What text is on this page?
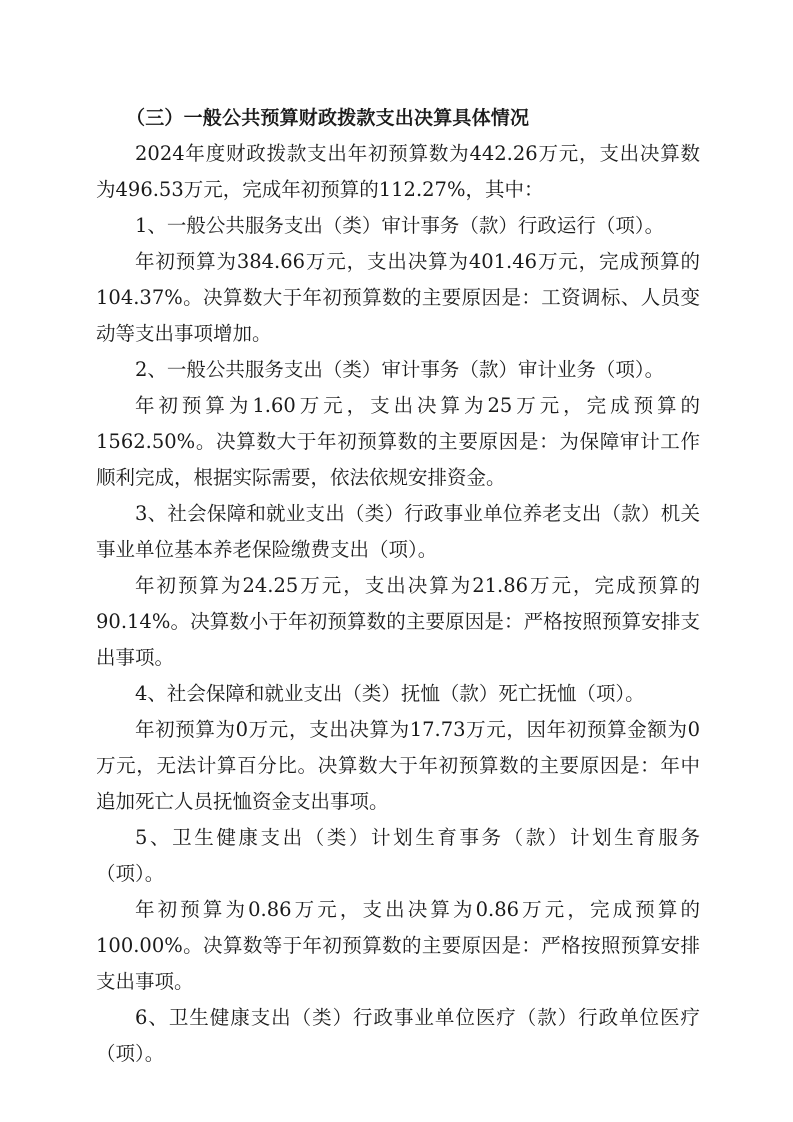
（三）一般公共预算财政拨款支出决算具体情况

2024年度财政拨款支出年初预算数为442.26万元，支出决算数为496.53万元，完成年初预算的112.27%，其中：

1、一般公共服务支出（类）审计事务（款）行政运行（项）。

年初预算为384.66万元，支出决算为401.46万元，完成预算的104.37%。决算数大于年初预算数的主要原因是：工资调标、人员变动等支出事项增加。

2、一般公共服务支出（类）审计事务（款）审计业务（项）。

年初预算为1.60万元，支出决算为25万元，完成预算的1562.50%。决算数大于年初预算数的主要原因是：为保障审计工作顺利完成，根据实际需要，依法依规安排资金。

3、社会保障和就业支出（类）行政事业单位养老支出（款）机关事业单位基本养老保险缴费支出（项）。

年初预算为24.25万元，支出决算为21.86万元，完成预算的90.14%。决算数小于年初预算数的主要原因是：严格按照预算安排支出事项。

4、社会保障和就业支出（类）抚恤（款）死亡抚恤（项）。

年初预算为0万元，支出决算为17.73万元，因年初预算金额为0万元，无法计算百分比。决算数大于年初预算数的主要原因是：年中追加死亡人员抚恤资金支出事项。

5、卫生健康支出（类）计划生育事务（款）计划生育服务（项）。

年初预算为0.86万元，支出决算为0.86万元，完成预算的100.00%。决算数等于年初预算数的主要原因是：严格按照预算安排支出事项。

6、卫生健康支出（类）行政事业单位医疗（款）行政单位医疗（项）。
